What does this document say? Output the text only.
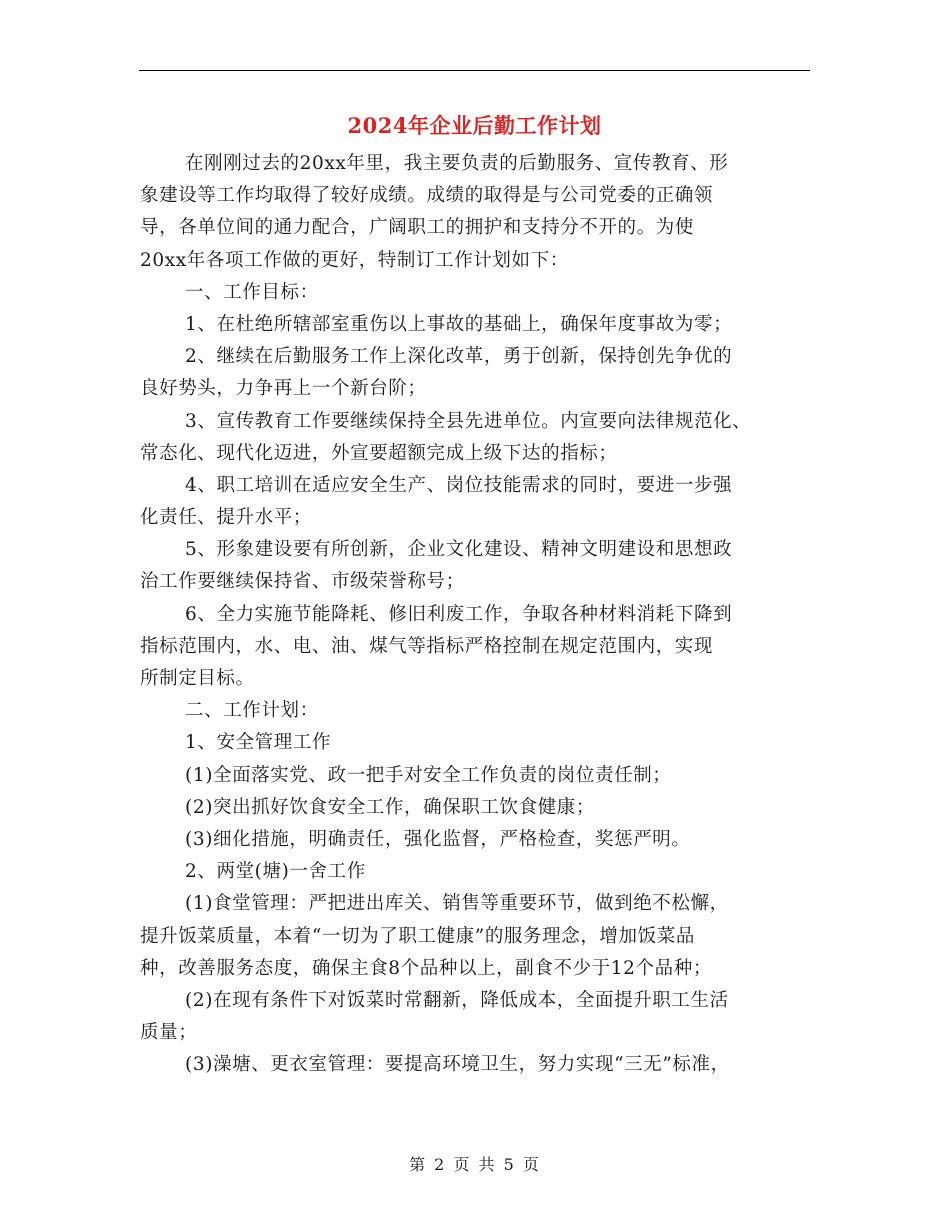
2024年企业后勤工作计划
在刚刚过去的20xx年里，我主要负责的后勤服务、宣传教育、形
象建设等工作均取得了较好成绩。成绩的取得是与公司党委的正确领
导，各单位间的通力配合，广阔职工的拥护和支持分不开的。为使
20xx年各项工作做的更好，特制订工作计划如下：
一、工作目标：
1、在杜绝所辖部室重伤以上事故的基础上，确保年度事故为零；
2、继续在后勤服务工作上深化改革，勇于创新，保持创先争优的
良好势头，力争再上一个新台阶；
3、宣传教育工作要继续保持全县先进单位。内宣要向法律规范化、
常态化、现代化迈进，外宣要超额完成上级下达的指标；
4、职工培训在适应安全生产、岗位技能需求的同时，要进一步强
化责任、提升水平；
5、形象建设要有所创新，企业文化建设、精神文明建设和思想政
治工作要继续保持省、市级荣誉称号；
6、全力实施节能降耗、修旧利废工作，争取各种材料消耗下降到
指标范围内，水、电、油、煤气等指标严格控制在规定范围内，实现
所制定目标。
二、工作计划：
1、安全管理工作
(1)全面落实党、政一把手对安全工作负责的岗位责任制；
(2)突出抓好饮食安全工作，确保职工饮食健康；
(3)细化措施，明确责任，强化监督，严格检查，奖惩严明。
2、两堂(塘)一舍工作
(1)食堂管理：严把进出库关、销售等重要环节，做到绝不松懈，
提升饭菜质量，本着“一切为了职工健康”的服务理念，增加饭菜品
种，改善服务态度，确保主食8个品种以上，副食不少于12个品种；
(2)在现有条件下对饭菜时常翻新，降低成本，全面提升职工生活
质量；
(3)澡塘、更衣室管理：要提高环境卫生，努力实现“三无”标准，
第 2 页 共 5 页
